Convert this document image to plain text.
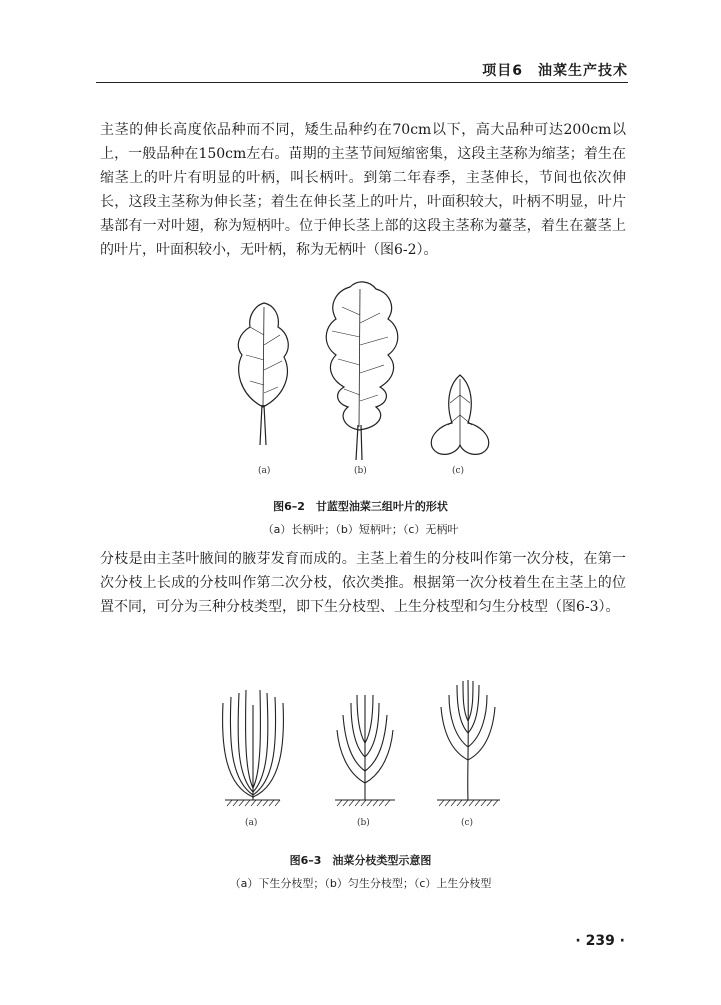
项目6　油菜生产技术

主茎的伸长高度依品种而不同，矮生品种约在70cm以下，高大品种可达200cm以上，一般品种在150cm左右。苗期的主茎节间短缩密集，这段主茎称为缩茎；着生在缩茎上的叶片有明显的叶柄，叫长柄叶。到第二年春季，主茎伸长，节间也依次伸长，这段主茎称为伸长茎；着生在伸长茎上的叶片，叶面积较大，叶柄不明显，叶片基部有一对叶翅，称为短柄叶。位于伸长茎上部的这段主茎称为薹茎，着生在薹茎上的叶片，叶面积较小，无叶柄，称为无柄叶（图6-2）。

(a)	(b)	(c)
图6–2　甘蓝型油菜三组叶片的形状
（a）长柄叶；（b）短柄叶；（c）无柄叶

分枝是由主茎叶腋间的腋芽发育而成的。主茎上着生的分枝叫作第一次分枝，在第一次分枝上长成的分枝叫作第二次分枝，依次类推。根据第一次分枝着生在主茎上的位置不同，可分为三种分枝类型，即下生分枝型、上生分枝型和匀生分枝型（图6-3）。

(a)	(b)	(c)
图6–3　油菜分枝类型示意图
（a）下生分枝型；（b）匀生分枝型；（c）上生分枝型
· 239 ·
